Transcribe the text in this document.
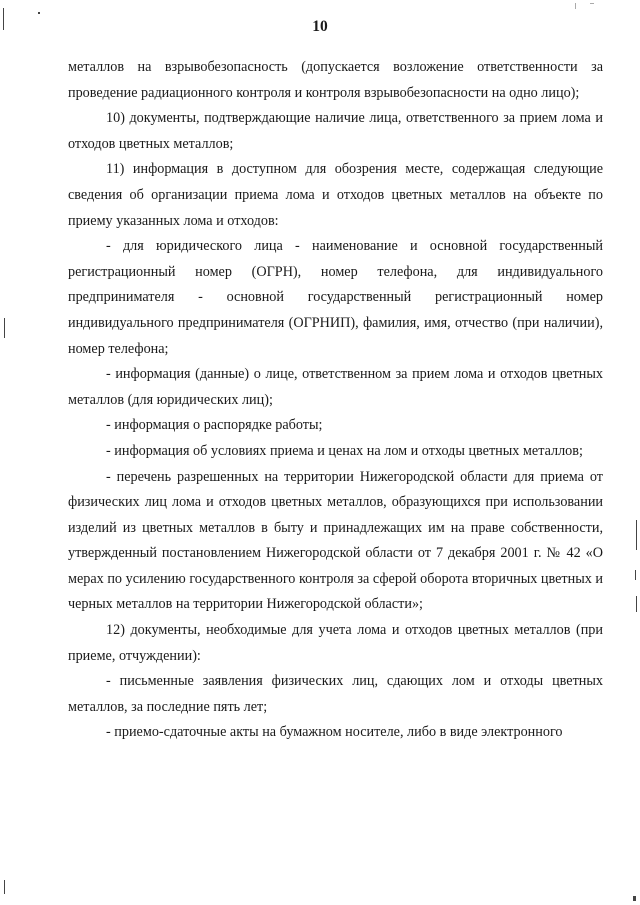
10

металлов на взрывобезопасность (допускается возложение ответственности за проведение радиационного контроля и контроля взрывобезопасности на одно лицо);

10) документы, подтверждающие наличие лица, ответственного за прием лома и отходов цветных металлов;

11) информация в доступном для обозрения месте, содержащая следующие сведения об организации приема лома и отходов цветных металлов на объекте по приему указанных лома и отходов:

- для юридического лица - наименование и основной государственный регистрационный номер (ОГРН), номер телефона, для индивидуального предпринимателя - основной государственный регистрационный номер индивидуального предпринимателя (ОГРНИП), фамилия, имя, отчество (при наличии), номер телефона;

- информация (данные) о лице, ответственном за прием лома и отходов цветных металлов (для юридических лиц);

- информация о распорядке работы;

- информация об условиях приема и ценах на лом и отходы цветных металлов;

- перечень разрешенных на территории Нижегородской области для приема от физических лиц лома и отходов цветных металлов, образующихся при использовании изделий из цветных металлов в быту и принадлежащих им на праве собственности, утвержденный постановлением Нижегородской области от 7 декабря 2001 г. № 42 «О мерах по усилению государственного контроля за сферой оборота вторичных цветных и черных металлов на территории Нижегородской области»;

12) документы, необходимые для учета лома и отходов цветных металлов (при приеме, отчуждении):

- письменные заявления физических лиц, сдающих лом и отходы цветных металлов, за последние пять лет;

- приемо-сдаточные акты на бумажном носителе, либо в виде электронного
